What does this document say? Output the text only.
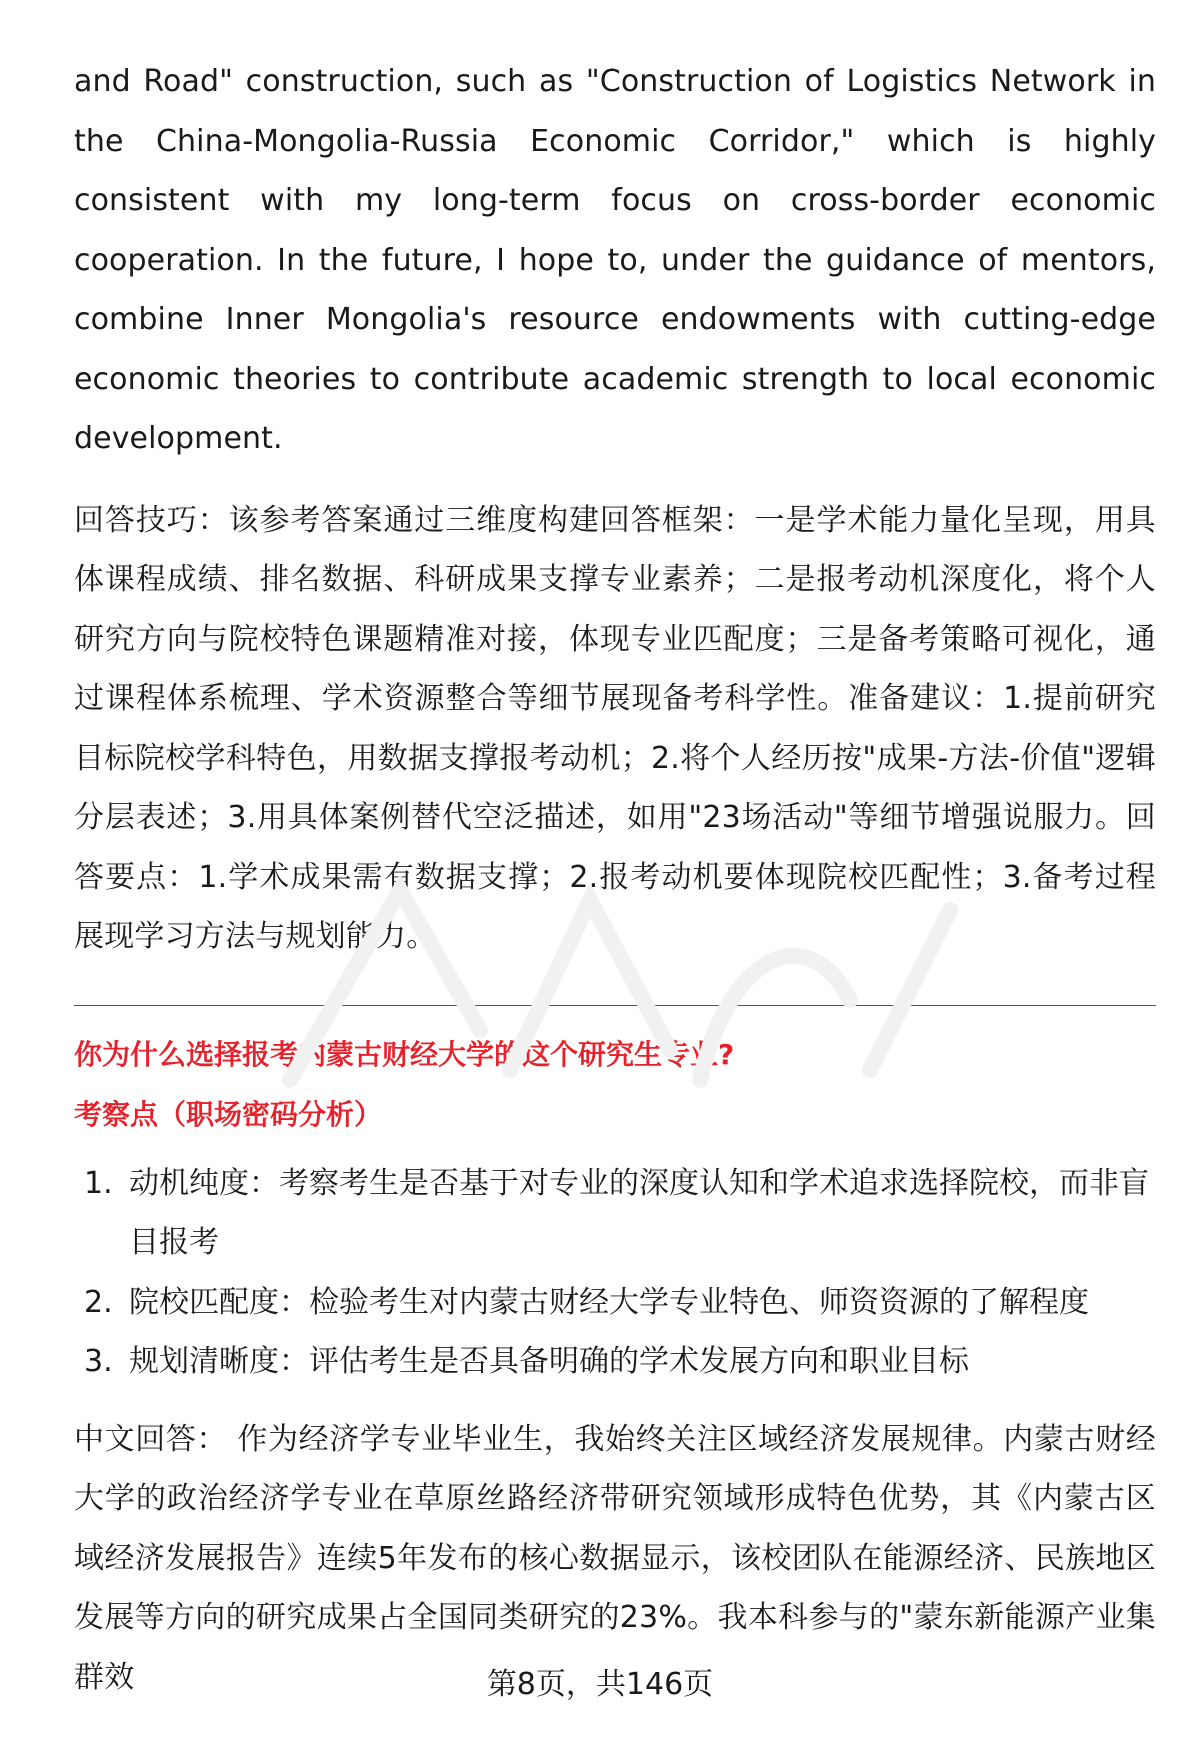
and Road" construction, such as "Construction of Logistics Network in the China-Mongolia-Russia Economic Corridor," which is highly consistent with my long-term focus on cross-border economic cooperation. In the future, I hope to, under the guidance of mentors, combine Inner Mongolia's resource endowments with cutting-edge economic theories to contribute academic strength to local economic development.

回答技巧：该参考答案通过三维度构建回答框架：一是学术能力量化呈现，用具体课程成绩、排名数据、科研成果支撑专业素养；二是报考动机深度化，将个人研究方向与院校特色课题精准对接，体现专业匹配度；三是备考策略可视化，通过课程体系梳理、学术资源整合等细节展现备考科学性。准备建议：1.提前研究目标院校学科特色，用数据支撑报考动机；2.将个人经历按"成果-方法-价值"逻辑分层表述；3.用具体案例替代空泛描述，如用"23场活动"等细节增强说服力。回答要点：1.学术成果需有数据支撑；2.报考动机要体现院校匹配性；3.备考过程展现学习方法与规划能力。

你为什么选择报考内蒙古财经大学的这个研究生专业?
考察点（职场密码分析）
1. 动机纯度：考察考生是否基于对专业的深度认知和学术追求选择院校，而非盲目报考
2. 院校匹配度：检验考生对内蒙古财经大学专业特色、师资资源的了解程度
3. 规划清晰度：评估考生是否具备明确的学术发展方向和职业目标

中文回答： 作为经济学专业毕业生，我始终关注区域经济发展规律。内蒙古财经大学的政治经济学专业在草原丝路经济带研究领域形成特色优势，其《内蒙古区域经济发展报告》连续5年发布的核心数据显示，该校团队在能源经济、民族地区发展等方向的研究成果占全国同类研究的23%。我本科参与的"蒙东新能源产业集群效	第8页，共146页
